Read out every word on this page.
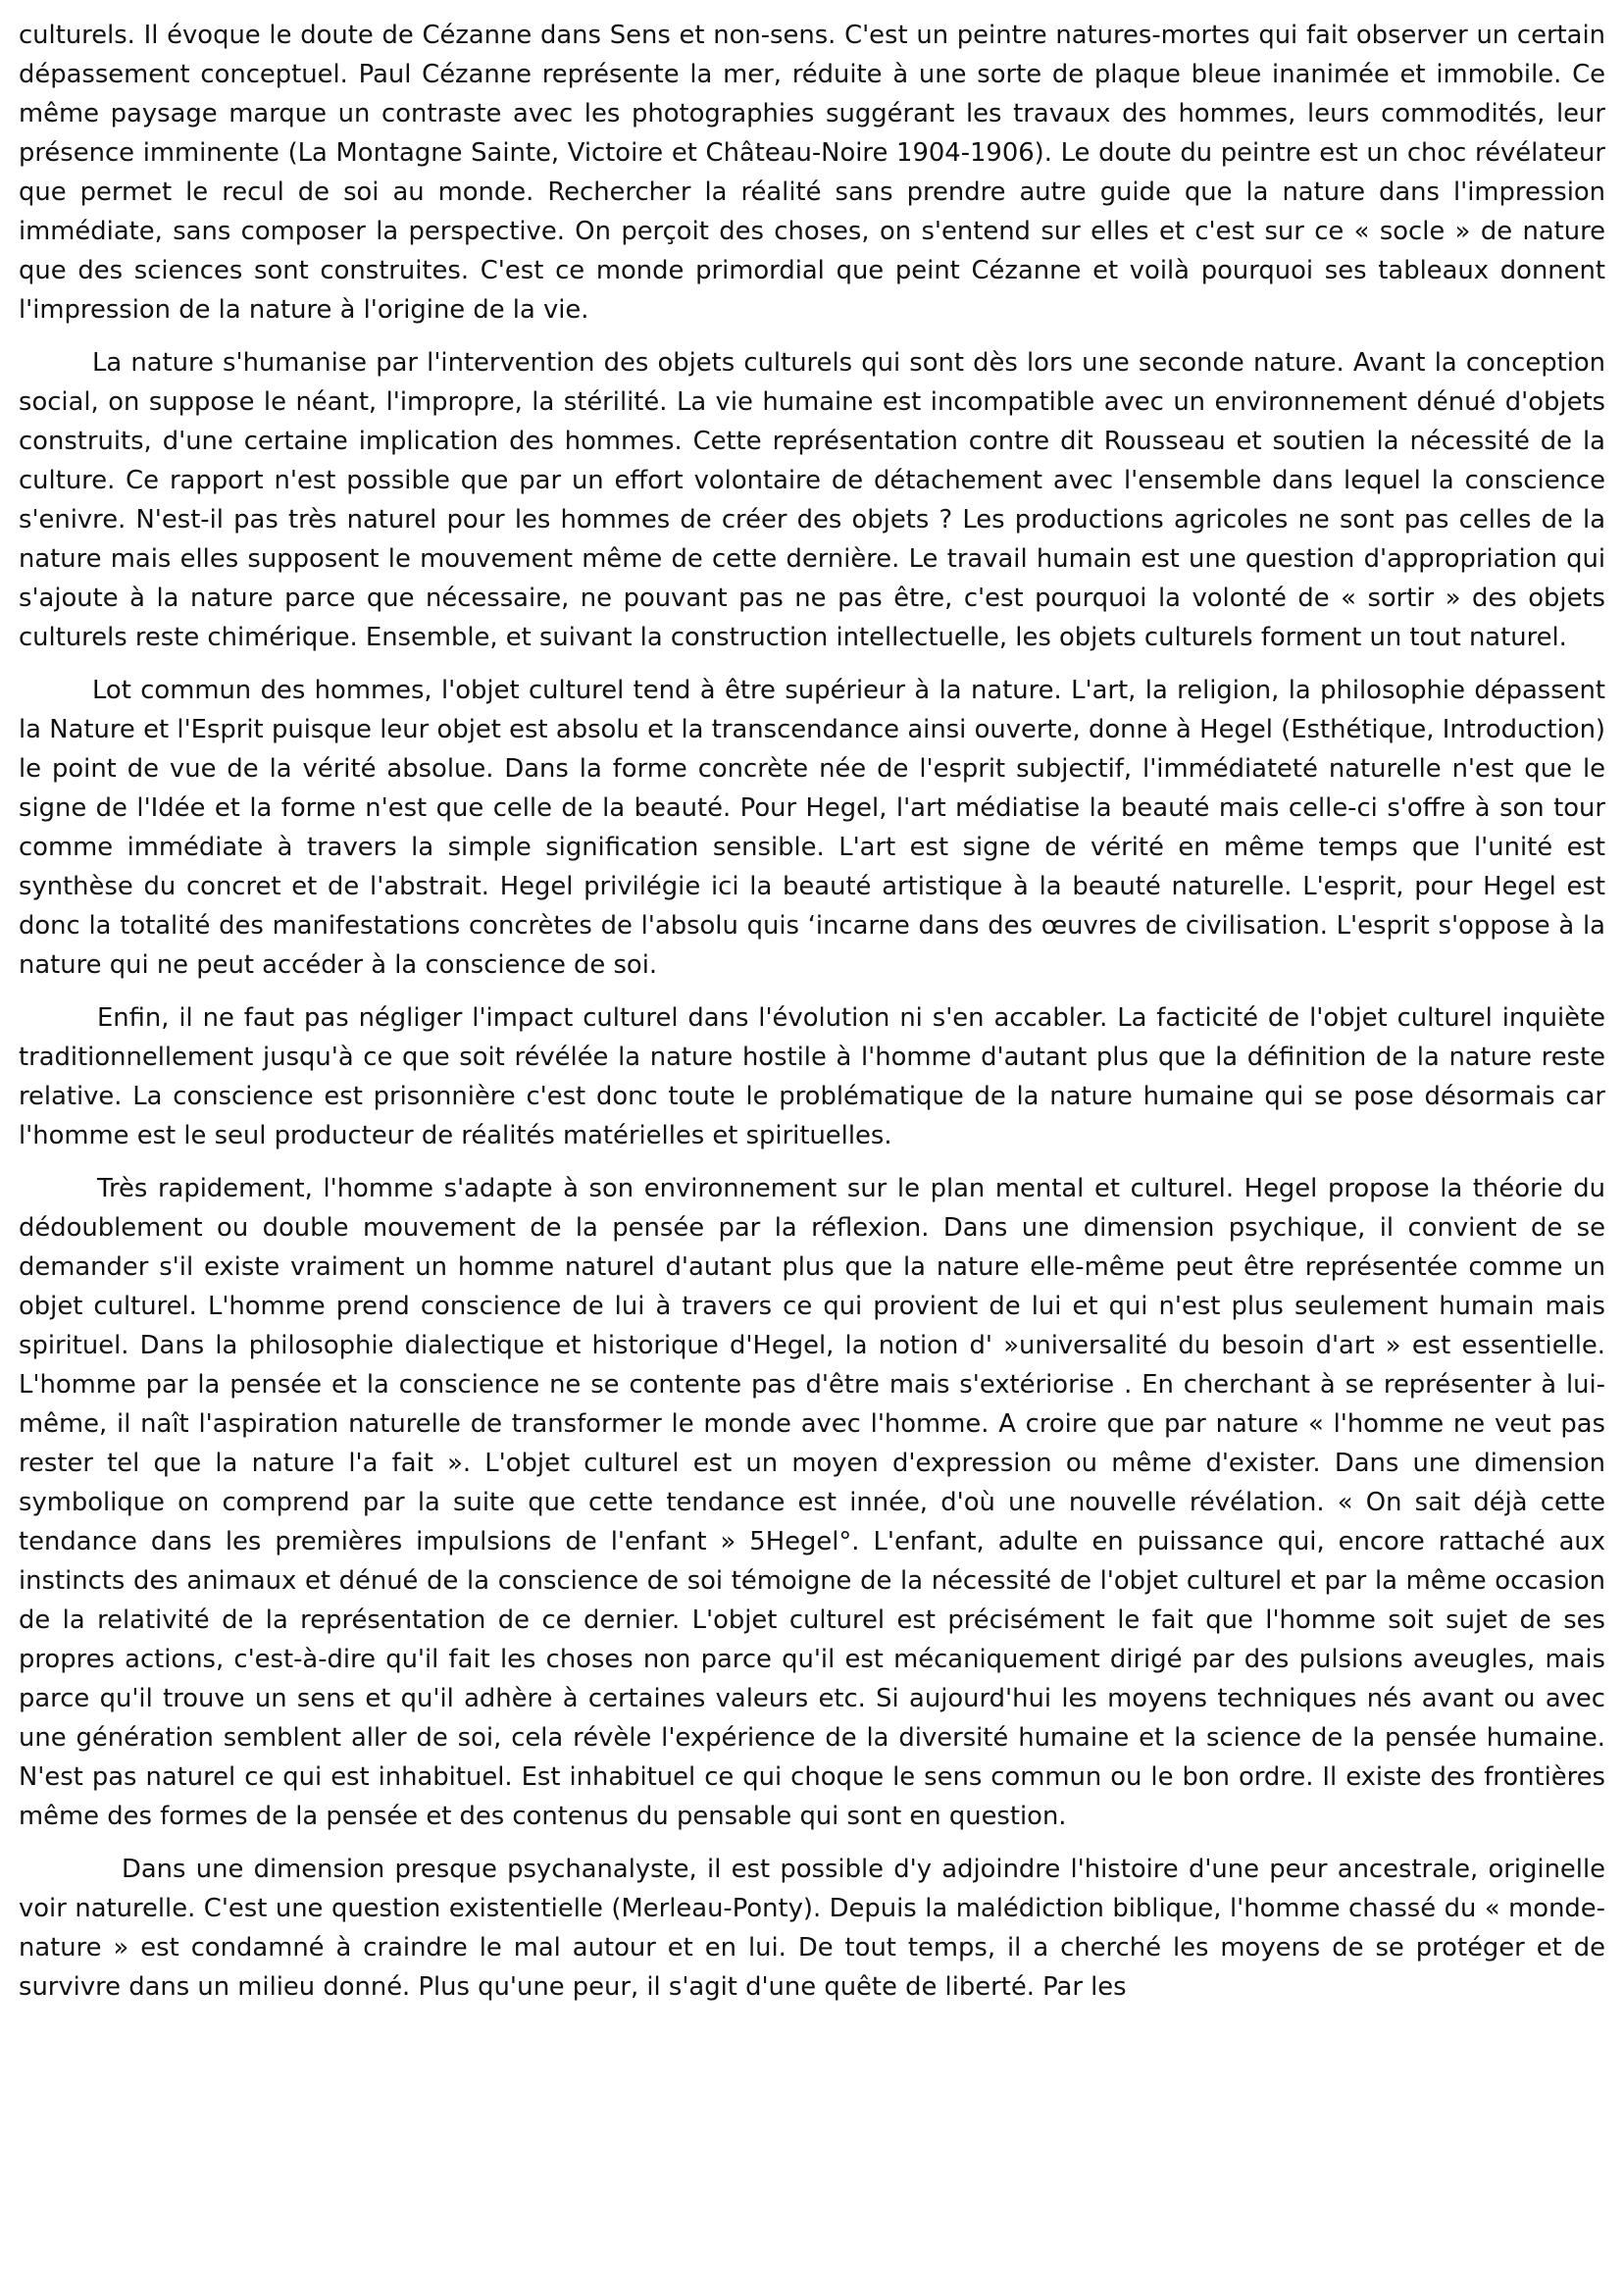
culturels. Il évoque le doute de Cézanne dans Sens et non-sens. C'est un peintre natures-mortes qui fait observer un certain dépassement conceptuel. Paul Cézanne représente la mer, réduite à une sorte de plaque bleue inanimée et immobile. Ce même paysage marque un contraste avec les photographies suggérant les travaux des hommes, leurs commodités, leur présence imminente (La Montagne Sainte, Victoire et Château-Noire 1904-1906). Le doute du peintre est un choc révélateur que permet le recul de soi au monde. Rechercher la réalité sans prendre autre guide que la nature dans l'impression immédiate, sans composer la perspective. On perçoit des choses, on s'entend sur elles et c'est sur ce « socle » de nature que des sciences sont construites. C'est ce monde primordial que peint Cézanne et voilà pourquoi ses tableaux donnent l'impression de la nature à l'origine de la vie.

La nature s'humanise par l'intervention des objets culturels qui sont dès lors une seconde nature. Avant la conception social, on suppose le néant, l'impropre, la stérilité. La vie humaine est incompatible avec un environnement dénué d'objets construits, d'une certaine implication des hommes. Cette représentation contre dit Rousseau et soutien la nécessité de la culture. Ce rapport n'est possible que par un effort volontaire de détachement avec l'ensemble dans lequel la conscience s'enivre. N'est-il pas très naturel pour les hommes de créer des objets ? Les productions agricoles ne sont pas celles de la nature mais elles supposent le mouvement même de cette dernière. Le travail humain est une question d'appropriation qui s'ajoute à la nature parce que nécessaire, ne pouvant pas ne pas être, c'est pourquoi la volonté de « sortir » des objets culturels reste chimérique. Ensemble, et suivant la construction intellectuelle, les objets culturels forment un tout naturel.

Lot commun des hommes, l'objet culturel tend à être supérieur à la nature. L'art, la religion, la philosophie dépassent la Nature et l'Esprit puisque leur objet est absolu et la transcendance ainsi ouverte, donne à Hegel (Esthétique, Introduction) le point de vue de la vérité absolue. Dans la forme concrète née de l'esprit subjectif, l'immédiateté naturelle n'est que le signe de l'Idée et la forme n'est que celle de la beauté. Pour Hegel, l'art médiatise la beauté mais celle-ci s'offre à son tour comme immédiate à travers la simple signification sensible. L'art est signe de vérité en même temps que l'unité est synthèse du concret et de l'abstrait. Hegel privilégie ici la beauté artistique à la beauté naturelle. L'esprit, pour Hegel est donc la totalité des manifestations concrètes de l'absolu quis ‘incarne dans des œuvres de civilisation. L'esprit s'oppose à la nature qui ne peut accéder à la conscience de soi.

Enfin, il ne faut pas négliger l'impact culturel dans l'évolution ni s'en accabler. La facticité de l'objet culturel inquiète traditionnellement jusqu'à ce que soit révélée la nature hostile à l'homme d'autant plus que la définition de la nature reste relative. La conscience est prisonnière c'est donc toute le problématique de la nature humaine qui se pose désormais car l'homme est le seul producteur de réalités matérielles et spirituelles.

Très rapidement, l'homme s'adapte à son environnement sur le plan mental et culturel. Hegel propose la théorie du dédoublement ou double mouvement de la pensée par la réflexion. Dans une dimension psychique, il convient de se demander s'il existe vraiment un homme naturel d'autant plus que la nature elle-même peut être représentée comme un objet culturel. L'homme prend conscience de lui à travers ce qui provient de lui et qui n'est plus seulement humain mais spirituel. Dans la philosophie dialectique et historique d'Hegel, la notion d' »universalité du besoin d'art » est essentielle. L'homme par la pensée et la conscience ne se contente pas d'être mais s'extériorise . En cherchant à se représenter à lui-même, il naît l'aspiration naturelle de transformer le monde avec l'homme. A croire que par nature « l'homme ne veut pas rester tel que la nature l'a fait ». L'objet culturel est un moyen d'expression ou même d'exister. Dans une dimension symbolique on comprend par la suite que cette tendance est innée, d'où une nouvelle révélation. « On sait déjà cette tendance dans les premières impulsions de l'enfant » 5Hegel°. L'enfant, adulte en puissance qui, encore rattaché aux instincts des animaux et dénué de la conscience de soi témoigne de la nécessité de l'objet culturel et par la même occasion de la relativité de la représentation de ce dernier. L'objet culturel est précisément le fait que l'homme soit sujet de ses propres actions, c'est-à-dire qu'il fait les choses non parce qu'il est mécaniquement dirigé par des pulsions aveugles, mais parce qu'il trouve un sens et qu'il adhère à certaines valeurs etc. Si aujourd'hui les moyens techniques nés avant ou avec une génération semblent aller de soi, cela révèle l'expérience de la diversité humaine et la science de la pensée humaine. N'est pas naturel ce qui est inhabituel. Est inhabituel ce qui choque le sens commun ou le bon ordre. Il existe des frontières même des formes de la pensée et des contenus du pensable qui sont en question.

Dans une dimension presque psychanalyste, il est possible d'y adjoindre l'histoire d'une peur ancestrale, originelle voir naturelle. C'est une question existentielle (Merleau-Ponty). Depuis la malédiction biblique, l'homme chassé du « monde-nature » est condamné à craindre le mal autour et en lui. De tout temps, il a cherché les moyens de se protéger et de survivre dans un milieu donné. Plus qu'une peur, il s'agit d'une quête de liberté. Par les
